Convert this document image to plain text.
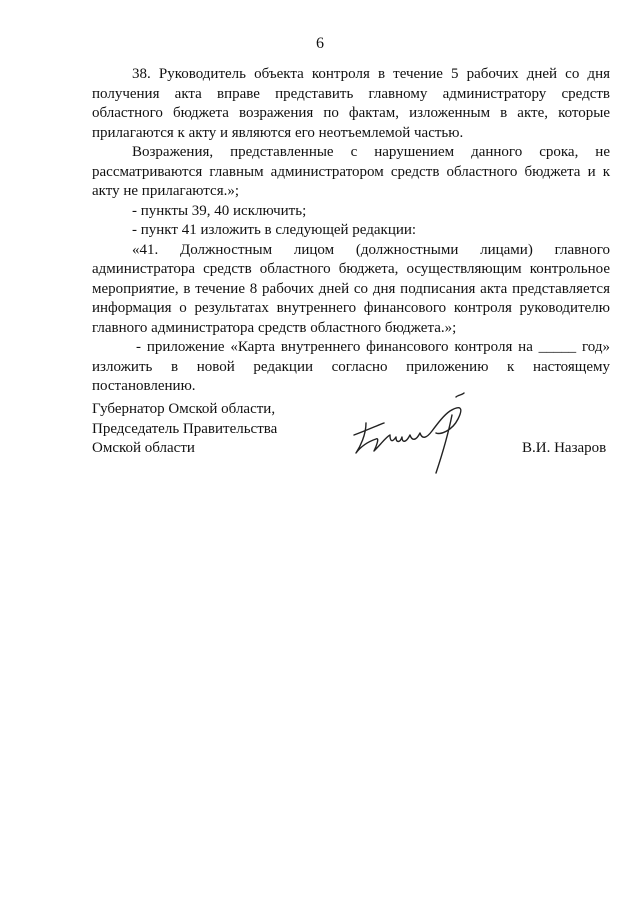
6

38. Руководитель объекта контроля в течение 5 рабочих дней со дня получения акта вправе представить главному администратору средств областного бюджета возражения по фактам, изложенным в акте, которые прилагаются к акту и являются его неотъемлемой частью.

Возражения, представленные с нарушением данного срока, не рассматриваются главным администратором средств областного бюджета и к акту не прилагаются.»;

- пункты 39, 40 исключить;

- пункт 41 изложить в следующей редакции:

«41. Должностным лицом (должностными лицами) главного администратора средств областного бюджета, осуществляющим контрольное мероприятие, в течение 8 рабочих дней со дня подписания акта представляется информация о результатах внутреннего финансового контроля руководителю главного администратора средств областного бюджета.»;

- приложение «Карта внутреннего финансового контроля на _____ год» изложить в новой редакции согласно приложению к настоящему постановлению.

Губернатор Омской области,
Председатель Правительства
Омской области	В.И. Назаров
